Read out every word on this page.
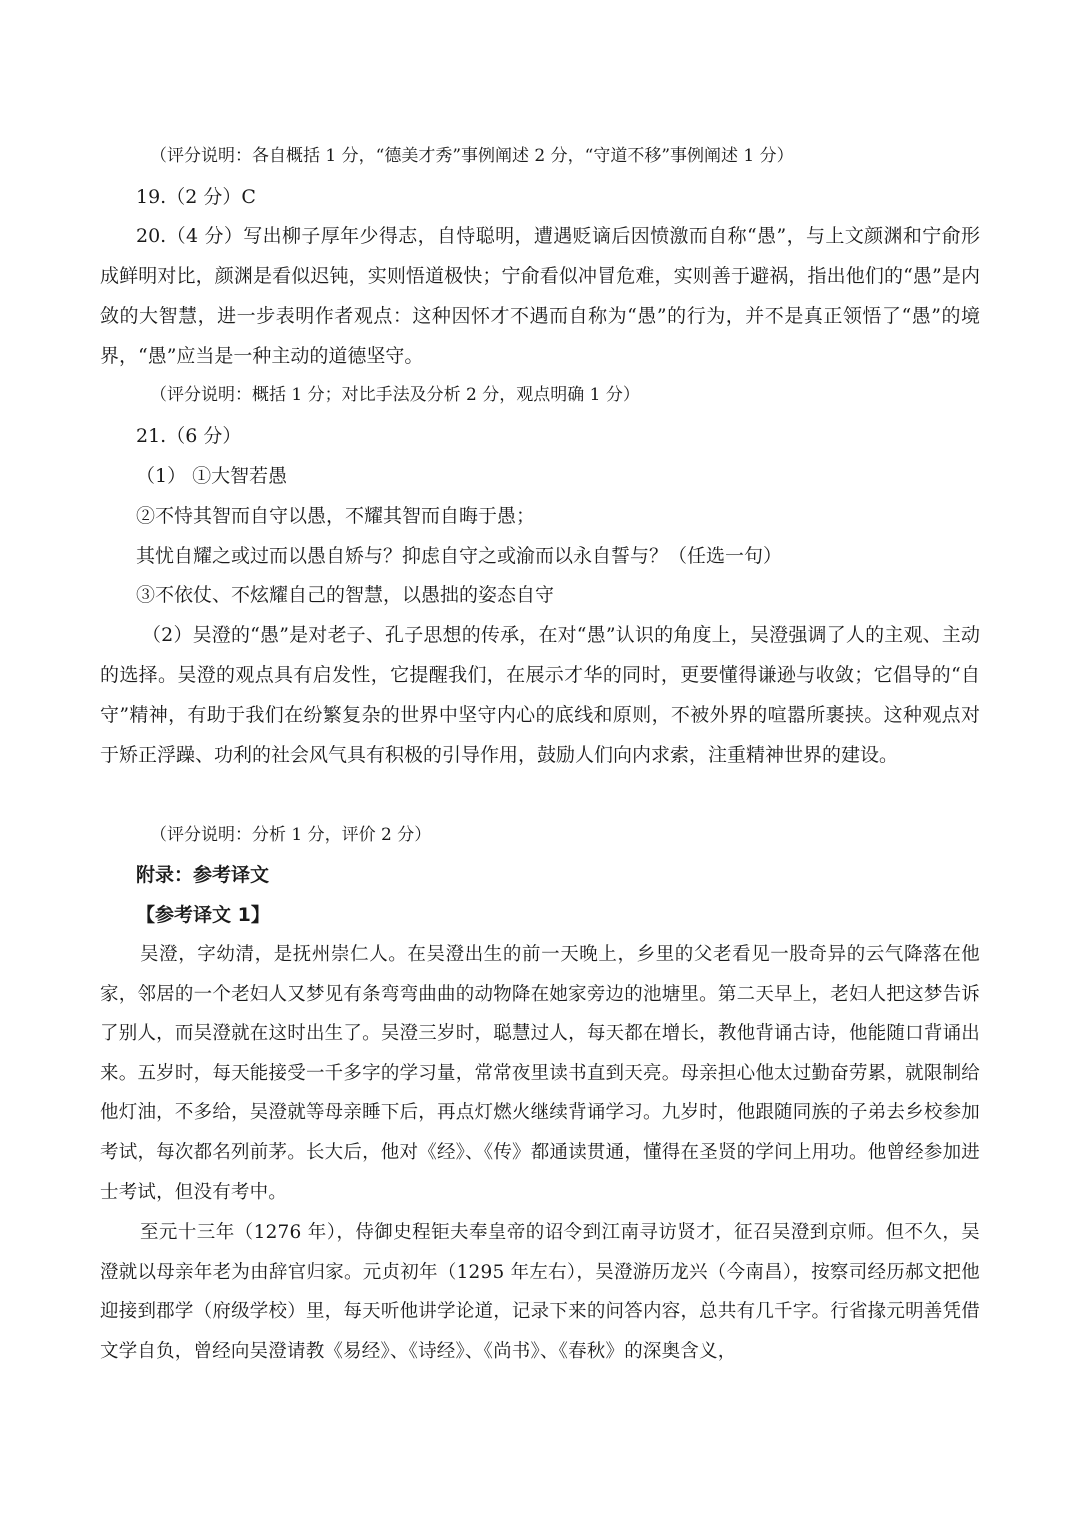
（评分说明：各自概括 1 分，“德美才秀”事例阐述 2 分，“守道不移”事例阐述 1 分）
19.（2 分）C
20.（4 分）写出柳子厚年少得志，自恃聪明，遭遇贬谪后因愤激而自称“愚”，与上文颜渊和宁俞形成鲜明对比，颜渊是看似迟钝，实则悟道极快；宁俞看似冲冒危难，实则善于避祸，指出他们的“愚”是内敛的大智慧，进一步表明作者观点：这种因怀才不遇而自称为“愚”的行为，并不是真正领悟了“愚”的境界，“愚”应当是一种主动的道德坚守。
（评分说明：概括 1 分；对比手法及分析 2 分，观点明确 1 分）
21.（6 分）
（1） ①大智若愚
②不恃其智而自守以愚，不耀其智而自晦于愚；
其忧自耀之或过而以愚自矫与？抑虑自守之或渝而以永自誓与？（任选一句）
③不依仗、不炫耀自己的智慧，以愚拙的姿态自守
（2）吴澄的“愚”是对老子、孔子思想的传承，在对“愚”认识的角度上，吴澄强调了人的主观、主动的选择。吴澄的观点具有启发性，它提醒我们，在展示才华的同时，更要懂得谦逊与收敛；它倡导的“自守”精神，有助于我们在纷繁复杂的世界中坚守内心的底线和原则，不被外界的喧嚣所裹挟。这种观点对于矫正浮躁、功利的社会风气具有积极的引导作用，鼓励人们向内求索，注重精神世界的建设。
（评分说明：分析 1 分，评价 2 分）
附录：参考译文
【参考译文 1】
吴澄，字幼清，是抚州崇仁人。在吴澄出生的前一天晚上，乡里的父老看见一股奇异的云气降落在他家，邻居的一个老妇人又梦见有条弯弯曲曲的动物降在她家旁边的池塘里。第二天早上，老妇人把这梦告诉了别人，而吴澄就在这时出生了。吴澄三岁时，聪慧过人，每天都在增长，教他背诵古诗，他能随口背诵出来。五岁时，每天能接受一千多字的学习量，常常夜里读书直到天亮。母亲担心他太过勤奋劳累，就限制给他灯油，不多给，吴澄就等母亲睡下后，再点灯燃火继续背诵学习。九岁时，他跟随同族的子弟去乡校参加考试，每次都名列前茅。长大后，他对《经》、《传》都通读贯通，懂得在圣贤的学问上用功。他曾经参加进士考试，但没有考中。
至元十三年（1276 年），侍御史程钜夫奉皇帝的诏令到江南寻访贤才，征召吴澄到京师。但不久，吴澄就以母亲年老为由辞官归家。元贞初年（1295 年左右），吴澄游历龙兴（今南昌），按察司经历郝文把他迎接到郡学（府级学校）里，每天听他讲学论道，记录下来的问答内容，总共有几千字。行省掾元明善凭借文学自负，曾经向吴澄请教《易经》、《诗经》、《尚书》、《春秋》的深奥含义，
